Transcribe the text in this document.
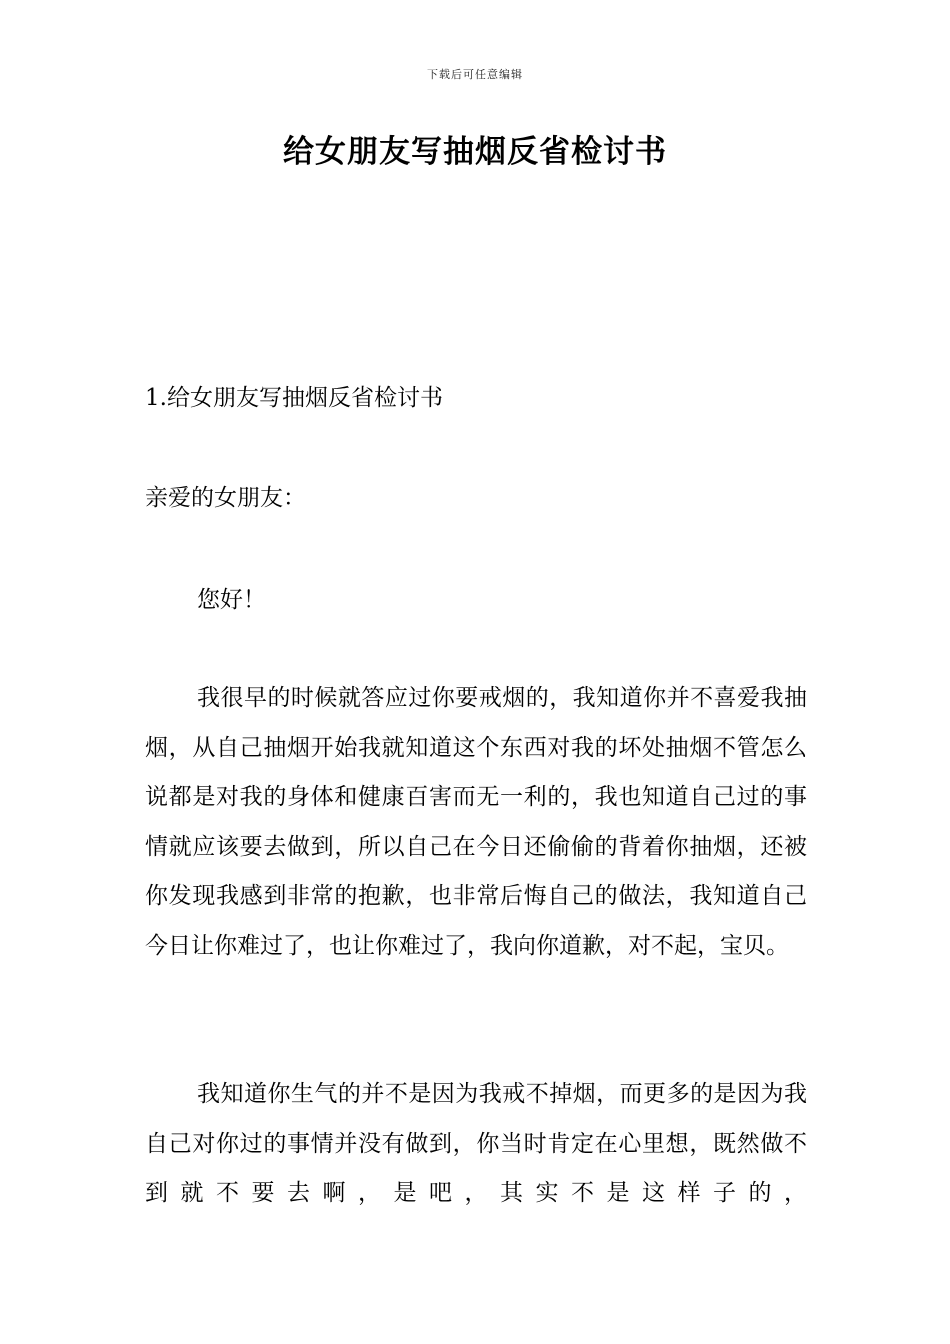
下载后可任意编辑
给女朋友写抽烟反省检讨书

1.给女朋友写抽烟反省检讨书

亲爱的女朋友：

您好！

我很早的时候就答应过你要戒烟的，我知道你并不喜爱我抽烟，从自己抽烟开始我就知道这个东西对我的坏处抽烟不管怎么说都是对我的身体和健康百害而无一利的，我也知道自己过的事情就应该要去做到，所以自己在今日还偷偷的背着你抽烟，还被你发现我感到非常的抱歉，也非常后悔自己的做法，我知道自己今日让你难过了，也让你难过了，我向你道歉，对不起，宝贝。

我知道你生气的并不是因为我戒不掉烟，而更多的是因为我自己对你过的事情并没有做到，你当时肯定在心里想，既然做不到就不要去啊，是吧，其实不是这样子的，
